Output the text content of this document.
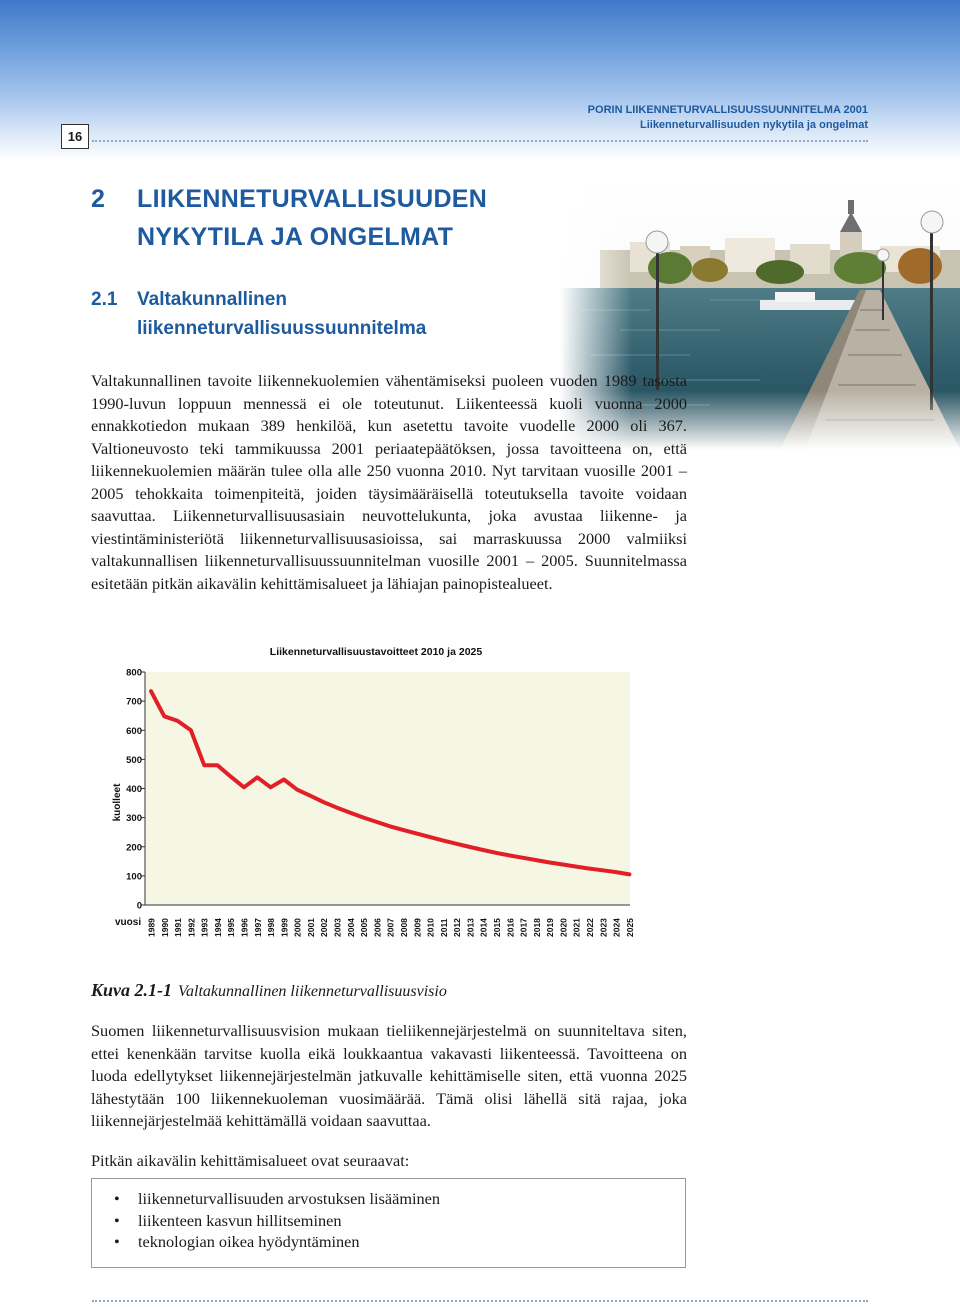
PORIN LIIKENNETURVALLISUUSSUUNNITELMA 2001
Liikenneturvallisuuden nykytila ja ongelmat
16
2 LIIKENNETURVALLISUUDEN
NYKYTILA JA ONGELMAT
2.1 Valtakunnallinen
liikenneturvallisuussuunnitelma
Valtakunnallinen tavoite liikennekuolemien vähentämiseksi puoleen vuoden 1989 tasosta 1990-luvun loppuun mennessä ei ole toteutunut. Liikenteessä kuoli vuonna 2000 ennakkotiedon mukaan 389 henkilöä, kun asetettu tavoite vuodelle 2000 oli 367. Valtioneuvosto teki tammikuussa 2001 periaatepäätöksen, jossa tavoitteena on, että liikennekuolemien määrän tulee olla alle 250 vuonna 2010. Nyt tarvitaan vuosille 2001 – 2005 tehokkaita toimenpiteitä, joiden täysimääräisellä toteutuksella tavoite voidaan saavuttaa. Liikenneturvallisuusasiain neuvottelukunta, joka avustaa liikenne- ja viestintäministeriötä liikenneturvallisuusasioissa, sai marraskuussa 2000 valmiiksi valtakunnallisen liikenneturvallisuussuunnitelman vuosille 2001 – 2005. Suunnitelmassa esitetään pitkän aikavälin kehittämisalueet ja lähiajan painopistealueet.
Liikenneturvallisuustavoitteet 2010 ja 2025
0
100
200
300
400
500
600
700
800
1989 1990 1991 1992 1993 1994 1995 1996 1997 1998 1999 2000 2001 2002 2003 2004 2005 2006 2007 2008 2009 2010 2011 2012 2013 2014 2015 2016 2017 2018 2019 2020 2021 2022 2023 2024 2025
kuolleet
vuosi
Kuva 2.1-1 Valtakunnallinen liikenneturvallisuusvisio
Suomen liikenneturvallisuusvision mukaan tieliikennejärjestelmä on suunniteltava siten, ettei kenenkään tarvitse kuolla eikä loukkaantua vakavasti liikenteessä. Tavoitteena on luoda edellytykset liikennejärjestelmän jatkuvalle kehittämiselle siten, että vuonna 2025 lähestytään 100 liikennekuoleman vuosimäärää. Tämä olisi lähellä sitä rajaa, joka liikennejärjestelmää kehittämällä voidaan saavuttaa.
Pitkän aikavälin kehittämisalueet ovat seuraavat:
• liikenneturvallisuuden arvostuksen lisääminen
• liikenteen kasvun hillitseminen
• teknologian oikea hyödyntäminen
